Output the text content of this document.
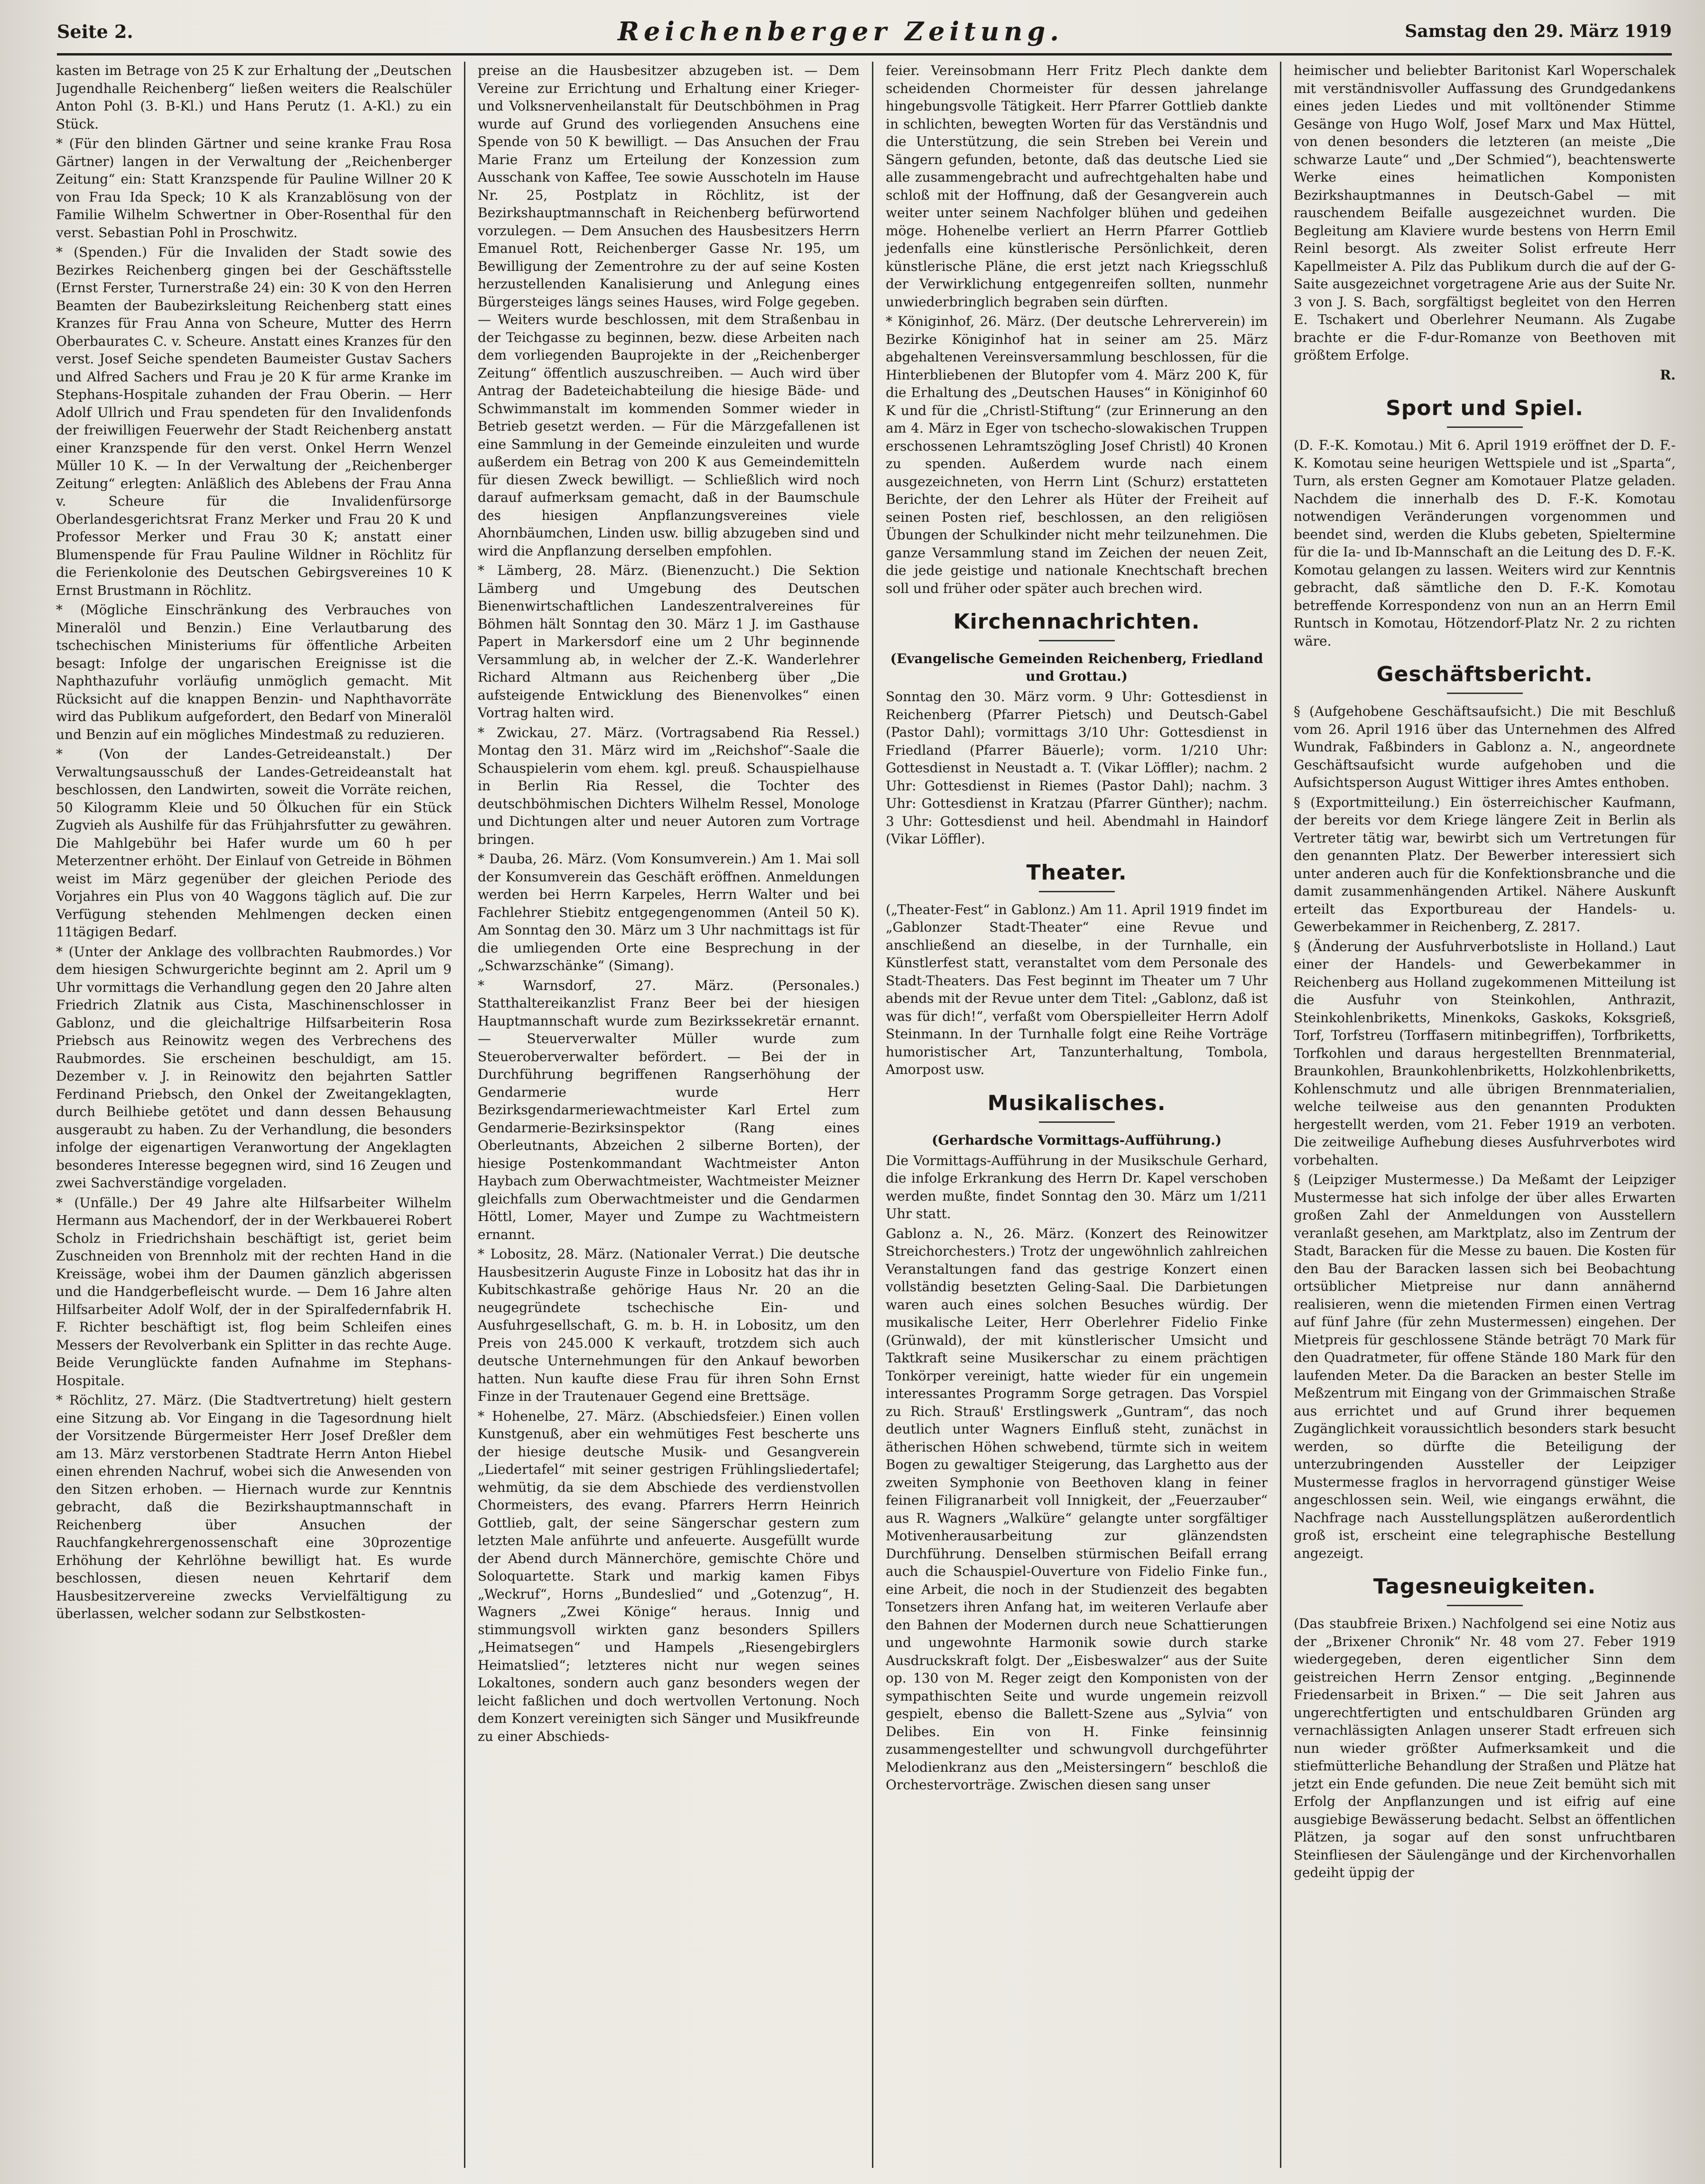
Seite 2.	Reichenberger Zeitung.	Samstag den 29. März 1919

kasten im Betrage von 25 K zur Erhaltung der „Deutschen Jugendhalle Reichenberg“ ließen weiters die Realschüler Anton Pohl (3. B-Kl.) und Hans Perutz (1. A-Kl.) zu ein Stück.

* (Für den blinden Gärtner und seine kranke Frau Rosa Gärtner) langen in der Verwaltung der „Reichenberger Zeitung“ ein: Statt Kranzspende für Pauline Willner 20 K von Frau Ida Speck; 10 K als Kranzablösung von der Familie Wilhelm Schwertner in Ober-Rosenthal für den verst. Sebastian Pohl in Proschwitz.

* (Spenden.) Für die Invaliden der Stadt sowie des Bezirkes Reichenberg gingen bei der Geschäftsstelle (Ernst Ferster, Turnerstraße 24) ein: 30 K von den Herren Beamten der Baubezirksleitung Reichenberg statt eines Kranzes für Frau Anna von Scheure, Mutter des Herrn Oberbaurates C. v. Scheure. Anstatt eines Kranzes für den verst. Josef Seiche spendeten Baumeister Gustav Sachers und Alfred Sachers und Frau je 20 K für arme Kranke im Stephans-Hospitale zuhanden der Frau Oberin. — Herr Adolf Ullrich und Frau spendeten für den Invalidenfonds der freiwilligen Feuerwehr der Stadt Reichenberg anstatt einer Kranzspende für den verst. Onkel Herrn Wenzel Müller 10 K. — In der Verwaltung der „Reichenberger Zeitung“ erlegten: Anläßlich des Ablebens der Frau Anna v. Scheure für die Invalidenfürsorge Oberlandesgerichtsrat Franz Merker und Frau 20 K und Professor Merker und Frau 30 K; anstatt einer Blumenspende für Frau Pauline Wildner in Röchlitz für die Ferienkolonie des Deutschen Gebirgsvereines 10 K Ernst Brustmann in Röchlitz.

* (Mögliche Einschränkung des Verbrauches von Mineralöl und Benzin.) Eine Verlautbarung des tschechischen Ministeriums für öffentliche Arbeiten besagt: Infolge der ungarischen Ereignisse ist die Naphthazufuhr vorläufig unmöglich gemacht. Mit Rücksicht auf die knappen Benzin- und Naphthavorräte wird das Publikum aufgefordert, den Bedarf von Mineralöl und Benzin auf ein mögliches Mindestmaß zu reduzieren.

* (Von der Landes-Getreideanstalt.) Der Verwaltungsausschuß der Landes-Getreideanstalt hat beschlossen, den Landwirten, soweit die Vorräte reichen, 50 Kilogramm Kleie und 50 Ölkuchen für ein Stück Zugvieh als Aushilfe für das Frühjahrsfutter zu gewähren. Die Mahlgebühr bei Hafer wurde um 60 h per Meterzentner erhöht. Der Einlauf von Getreide in Böhmen weist im März gegenüber der gleichen Periode des Vorjahres ein Plus von 40 Waggons täglich auf. Die zur Verfügung stehenden Mehlmengen decken einen 11tägigen Bedarf.

* (Unter der Anklage des vollbrachten Raubmordes.) Vor dem hiesigen Schwurgerichte beginnt am 2. April um 9 Uhr vormittags die Verhandlung gegen den 20 Jahre alten Friedrich Zlatnik aus Cista, Maschinenschlosser in Gablonz, und die gleichaltrige Hilfsarbeiterin Rosa Priebsch aus Reinowitz wegen des Verbrechens des Raubmordes. Sie erscheinen beschuldigt, am 15. Dezember v. J. in Reinowitz den bejahrten Sattler Ferdinand Priebsch, den Onkel der Zweitangeklagten, durch Beilhiebe getötet und dann dessen Behausung ausgeraubt zu haben. Zu der Verhandlung, die besonders infolge der eigenartigen Veranwortung der Angeklagten besonderes Interesse begegnen wird, sind 16 Zeugen und zwei Sachverständige vorgeladen.

* (Unfälle.) Der 49 Jahre alte Hilfsarbeiter Wilhelm Hermann aus Machendorf, der in der Werkbauerei Robert Scholz in Friedrichshain beschäftigt ist, geriet beim Zuschneiden von Brennholz mit der rechten Hand in die Kreissäge, wobei ihm der Daumen gänzlich abgerissen und die Handgerbefleischt wurde. — Dem 16 Jahre alten Hilfsarbeiter Adolf Wolf, der in der Spiralfedernfabrik H. F. Richter beschäftigt ist, flog beim Schleifen eines Messers der Revolverbank ein Splitter in das rechte Auge. Beide Verunglückte fanden Aufnahme im Stephans-Hospitale.

* Röchlitz, 27. März. (Die Stadtvertretung) hielt gestern eine Sitzung ab. Vor Eingang in die Tagesordnung hielt der Vorsitzende Bürgermeister Herr Josef Dreßler dem am 13. März verstorbenen Stadtrate Herrn Anton Hiebel einen ehrenden Nachruf, wobei sich die Anwesenden von den Sitzen erhoben. — Hiernach wurde zur Kenntnis gebracht, daß die Bezirkshauptmannschaft in Reichenberg über Ansuchen der Rauchfangkehrergenossenschaft eine 30prozentige Erhöhung der Kehrlöhne bewilligt hat. Es wurde beschlossen, diesen neuen Kehrtarif dem Hausbesitzervereine zwecks Vervielfältigung zu überlassen, welcher sodann zur Selbstkosten-

preise an die Hausbesitzer abzugeben ist. — Dem Vereine zur Errichtung und Erhaltung einer Krieger- und Volksnervenheilanstalt für Deutschböhmen in Prag wurde auf Grund des vorliegenden Ansuchens eine Spende von 50 K bewilligt. — Das Ansuchen der Frau Marie Franz um Erteilung der Konzession zum Ausschank von Kaffee, Tee sowie Ausschoteln im Hause Nr. 25, Postplatz in Röchlitz, ist der Bezirkshauptmannschaft in Reichenberg befürwortend vorzulegen. — Dem Ansuchen des Hausbesitzers Herrn Emanuel Rott, Reichenberger Gasse Nr. 195, um Bewilligung der Zementrohre zu der auf seine Kosten herzustellenden Kanalisierung und Anlegung eines Bürgersteiges längs seines Hauses, wird Folge gegeben. — Weiters wurde beschlossen, mit dem Straßenbau in der Teichgasse zu beginnen, bezw. diese Arbeiten nach dem vorliegenden Bauprojekte in der „Reichenberger Zeitung“ öffentlich auszuschreiben. — Auch wird über Antrag der Badeteichabteilung die hiesige Bäde- und Schwimmanstalt im kommenden Sommer wieder in Betrieb gesetzt werden. — Für die Märzgefallenen ist eine Sammlung in der Gemeinde einzuleiten und wurde außerdem ein Betrag von 200 K aus Gemeindemitteln für diesen Zweck bewilligt. — Schließlich wird noch darauf aufmerksam gemacht, daß in der Baumschule des hiesigen Anpflanzungsvereines viele Ahornbäumchen, Linden usw. billig abzugeben sind und wird die Anpflanzung derselben empfohlen.

* Lämberg, 28. März. (Bienenzucht.) Die Sektion Lämberg und Umgebung des Deutschen Bienenwirtschaftlichen Landeszentralvereines für Böhmen hält Sonntag den 30. März 1 J. im Gasthause Papert in Markersdorf eine um 2 Uhr beginnende Versammlung ab, in welcher der Z.-K. Wanderlehrer Richard Altmann aus Reichenberg über „Die aufsteigende Entwicklung des Bienenvolkes“ einen Vortrag halten wird.

* Zwickau, 27. März. (Vortragsabend Ria Ressel.) Montag den 31. März wird im „Reichshof“-Saale die Schauspielerin vom ehem. kgl. preuß. Schauspielhause in Berlin Ria Ressel, die Tochter des deutschböhmischen Dichters Wilhelm Ressel, Monologe und Dichtungen alter und neuer Autoren zum Vortrage bringen.

* Dauba, 26. März. (Vom Konsumverein.) Am 1. Mai soll der Konsumverein das Geschäft eröffnen. Anmeldungen werden bei Herrn Karpeles, Herrn Walter und bei Fachlehrer Stiebitz entgegengenommen (Anteil 50 K). Am Sonntag den 30. März um 3 Uhr nachmittags ist für die umliegenden Orte eine Besprechung in der „Schwarzschänke“ (Simang).

* Warnsdorf, 27. März. (Personales.) Statthaltereikanzlist Franz Beer bei der hiesigen Hauptmannschaft wurde zum Bezirkssekretär ernannt. — Steuerverwalter Müller wurde zum Steueroberverwalter befördert. — Bei der in Durchführung begriffenen Rangserhöhung der Gendarmerie wurde Herr Bezirksgendarmeriewachtmeister Karl Ertel zum Gendarmerie-Bezirksinspektor (Rang eines Oberleutnants, Abzeichen 2 silberne Borten), der hiesige Postenkommandant Wachtmeister Anton Haybach zum Oberwachtmeister, Wachtmeister Meizner gleichfalls zum Oberwachtmeister und die Gendarmen Höttl, Lomer, Mayer und Zumpe zu Wachtmeistern ernannt.

* Lobositz, 28. März. (Nationaler Verrat.) Die deutsche Hausbesitzerin Auguste Finze in Lobositz hat das ihr in Kubitschkastraße gehörige Haus Nr. 20 an die neugegründete tschechische Ein- und Ausfuhrgesellschaft, G. m. b. H. in Lobositz, um den Preis von 245.000 K verkauft, trotzdem sich auch deutsche Unternehmungen für den Ankauf beworben hatten. Nun kaufte diese Frau für ihren Sohn Ernst Finze in der Trautenauer Gegend eine Brettsäge.

* Hohenelbe, 27. März. (Abschiedsfeier.) Einen vollen Kunstgenuß, aber ein wehmütiges Fest bescherte uns der hiesige deutsche Musik- und Gesangverein „Liedertafel“ mit seiner gestrigen Frühlingsliedertafel; wehmütig, da sie dem Abschiede des verdienstvollen Chormeisters, des evang. Pfarrers Herrn Heinrich Gottlieb, galt, der seine Sängerschar gestern zum letzten Male anführte und anfeuerte. Ausgefüllt wurde der Abend durch Männerchöre, gemischte Chöre und Soloquartette. Stark und markig kamen Fibys „Weckruf“, Horns „Bundeslied“ und „Gotenzug“, H. Wagners „Zwei Könige“ heraus. Innig und stimmungsvoll wirkten ganz besonders Spillers „Heimatsegen“ und Hampels „Riesengebirglers Heimatslied“; letzteres nicht nur wegen seines Lokaltones, sondern auch ganz besonders wegen der leicht faßlichen und doch wertvollen Vertonung. Noch dem Konzert vereinigten sich Sänger und Musikfreunde zu einer Abschieds-

feier. Vereinsobmann Herr Fritz Plech dankte dem scheidenden Chormeister für dessen jahrelange hingebungsvolle Tätigkeit. Herr Pfarrer Gottlieb dankte in schlichten, bewegten Worten für das Verständnis und die Unterstützung, die sein Streben bei Verein und Sängern gefunden, betonte, daß das deutsche Lied sie alle zusammengebracht und aufrechtgehalten habe und schloß mit der Hoffnung, daß der Gesangverein auch weiter unter seinem Nachfolger blühen und gedeihen möge. Hohenelbe verliert an Herrn Pfarrer Gottlieb jedenfalls eine künstlerische Persönlichkeit, deren künstlerische Pläne, die erst jetzt nach Kriegsschluß der Verwirklichung entgegenreifen sollten, nunmehr unwiederbringlich begraben sein dürften.

* Königinhof, 26. März. (Der deutsche Lehrerverein) im Bezirke Königinhof hat in seiner am 25. März abgehaltenen Vereinsversammlung beschlossen, für die Hinterbliebenen der Blutopfer vom 4. März 200 K, für die Erhaltung des „Deutschen Hauses“ in Königinhof 60 K und für die „Christl-Stiftung“ (zur Erinnerung an den am 4. März in Eger von tschecho-slowakischen Truppen erschossenen Lehramtszögling Josef Christl) 40 Kronen zu spenden. Außerdem wurde nach einem ausgezeichneten, von Herrn Lint (Schurz) erstatteten Berichte, der den Lehrer als Hüter der Freiheit auf seinen Posten rief, beschlossen, an den religiösen Übungen der Schulkinder nicht mehr teilzunehmen. Die ganze Versammlung stand im Zeichen der neuen Zeit, die jede geistige und nationale Knechtschaft brechen soll und früher oder später auch brechen wird.

Kirchennachrichten.
(Evangelische Gemeinden Reichenberg, Friedland und Grottau.)

Sonntag den 30. März vorm. 9 Uhr: Gottesdienst in Reichenberg (Pfarrer Pietsch) und Deutsch-Gabel (Pastor Dahl); vormittags 3/10 Uhr: Gottesdienst in Friedland (Pfarrer Bäuerle); vorm. 1/210 Uhr: Gottesdienst in Neustadt a. T. (Vikar Löffler); nachm. 2 Uhr: Gottesdienst in Riemes (Pastor Dahl); nachm. 3 Uhr: Gottesdienst in Kratzau (Pfarrer Günther); nachm. 3 Uhr: Gottesdienst und heil. Abendmahl in Haindorf (Vikar Löffler).

Theater.

(„Theater-Fest“ in Gablonz.) Am 11. April 1919 findet im „Gablonzer Stadt-Theater“ eine Revue und anschließend an dieselbe, in der Turnhalle, ein Künstlerfest statt, veranstaltet vom dem Personale des Stadt-Theaters. Das Fest beginnt im Theater um 7 Uhr abends mit der Revue unter dem Titel: „Gablonz, daß ist was für dich!“, verfaßt vom Oberspielleiter Herrn Adolf Steinmann. In der Turnhalle folgt eine Reihe Vorträge humoristischer Art, Tanzunterhaltung, Tombola, Amorpost usw.

Musikalisches.
(Gerhardsche Vormittags-Aufführung.)

Die Vormittags-Aufführung in der Musikschule Gerhard, die infolge Erkrankung des Herrn Dr. Kapel verschoben werden mußte, findet Sonntag den 30. März um 1/211 Uhr statt.

Gablonz a. N., 26. März. (Konzert des Reinowitzer Streichorchesters.) Trotz der ungewöhnlich zahlreichen Veranstaltungen fand das gestrige Konzert einen vollständig besetzten Geling-Saal. Die Darbietungen waren auch eines solchen Besuches würdig. Der musikalische Leiter, Herr Oberlehrer Fidelio Finke (Grünwald), der mit künstlerischer Umsicht und Taktkraft seine Musikerschar zu einem prächtigen Tonkörper vereinigt, hatte wieder für ein ungemein interessantes Programm Sorge getragen. Das Vorspiel zu Rich. Strauß' Erstlingswerk „Guntram“, das noch deutlich unter Wagners Einfluß steht, zunächst in ätherischen Höhen schwebend, türmte sich in weitem Bogen zu gewaltiger Steigerung, das Larghetto aus der zweiten Symphonie von Beethoven klang in feiner feinen Filigranarbeit voll Innigkeit, der „Feuerzauber“ aus R. Wagners „Walküre“ gelangte unter sorgfältiger Motivenherausarbeitung zur glänzendsten Durchführung. Denselben stürmischen Beifall errang auch die Schauspiel-Ouverture von Fidelio Finke fun., eine Arbeit, die noch in der Studienzeit des begabten Tonsetzers ihren Anfang hat, im weiteren Verlaufe aber den Bahnen der Modernen durch neue Schattierungen und ungewohnte Harmonik sowie durch starke Ausdruckskraft folgt. Der „Eisbeswalzer“ aus der Suite op. 130 von M. Reger zeigt den Komponisten von der sympathischten Seite und wurde ungemein reizvoll gespielt, ebenso die Ballett-Szene aus „Sylvia“ von Delibes. Ein von H. Finke feinsinnig zusammengestellter und schwungvoll durchgeführter Melodienkranz aus den „Meistersingern“ beschloß die Orchestervorträge. Zwischen diesen sang unser

heimischer und beliebter Baritonist Karl Woperschalek mit verständnisvoller Auffassung des Grundgedankens eines jeden Liedes und mit volltönender Stimme Gesänge von Hugo Wolf, Josef Marx und Max Hüttel, von denen besonders die letzteren (an meiste „Die schwarze Laute“ und „Der Schmied“), beachtenswerte Werke eines heimatlichen Komponisten Bezirkshauptmannes in Deutsch-Gabel — mit rauschendem Beifalle ausgezeichnet wurden. Die Begleitung am Klaviere wurde bestens von Herrn Emil Reinl besorgt. Als zweiter Solist erfreute Herr Kapellmeister A. Pilz das Publikum durch die auf der G-Saite ausgezeichnet vorgetragene Arie aus der Suite Nr. 3 von J. S. Bach, sorgfältigst begleitet von den Herren E. Tschakert und Oberlehrer Neumann. Als Zugabe brachte er die F-dur-Romanze von Beethoven mit größtem Erfolge.

R.
Sport und Spiel.

(D. F.-K. Komotau.) Mit 6. April 1919 eröffnet der D. F.-K. Komotau seine heurigen Wettspiele und ist „Sparta“, Turn, als ersten Gegner am Komotauer Platze geladen. Nachdem die innerhalb des D. F.-K. Komotau notwendigen Veränderungen vorgenommen und beendet sind, werden die Klubs gebeten, Spieltermine für die Ia- und Ib-Mannschaft an die Leitung des D. F.-K. Komotau gelangen zu lassen. Weiters wird zur Kenntnis gebracht, daß sämtliche den D. F.-K. Komotau betreffende Korrespondenz von nun an an Herrn Emil Runtsch in Komotau, Hötzendorf-Platz Nr. 2 zu richten wäre.

Geschäftsbericht.

§ (Aufgehobene Geschäftsaufsicht.) Die mit Beschluß vom 26. April 1916 über das Unternehmen des Alfred Wundrak, Faßbinders in Gablonz a. N., angeordnete Geschäftsaufsicht wurde aufgehoben und die Aufsichtsperson August Wittiger ihres Amtes enthoben.

§ (Exportmitteilung.) Ein österreichischer Kaufmann, der bereits vor dem Kriege längere Zeit in Berlin als Vertreter tätig war, bewirbt sich um Vertretungen für den genannten Platz. Der Bewerber interessiert sich unter anderen auch für die Konfektionsbranche und die damit zusammenhängenden Artikel. Nähere Auskunft erteilt das Exportbureau der Handels- u. Gewerbekammer in Reichenberg, Z. 2817.

§ (Änderung der Ausfuhrverbotsliste in Holland.) Laut einer der Handels- und Gewerbekammer in Reichenberg aus Holland zugekommenen Mitteilung ist die Ausfuhr von Steinkohlen, Anthrazit, Steinkohlenbriketts, Minenkoks, Gaskoks, Koksgrieß, Torf, Torfstreu (Torffasern mitinbegriffen), Torfbriketts, Torfkohlen und daraus hergestellten Brennmaterial, Braunkohlen, Braunkohlenbriketts, Holzkohlenbriketts, Kohlenschmutz und alle übrigen Brennmaterialien, welche teilweise aus den genannten Produkten hergestellt werden, vom 21. Feber 1919 an verboten. Die zeitweilige Aufhebung dieses Ausfuhrverbotes wird vorbehalten.

§ (Leipziger Mustermesse.) Da Meßamt der Leipziger Mustermesse hat sich infolge der über alles Erwarten großen Zahl der Anmeldungen von Ausstellern veranlaßt gesehen, am Marktplatz, also im Zentrum der Stadt, Baracken für die Messe zu bauen. Die Kosten für den Bau der Baracken lassen sich bei Beobachtung ortsüblicher Mietpreise nur dann annähernd realisieren, wenn die mietenden Firmen einen Vertrag auf fünf Jahre (für zehn Mustermessen) eingehen. Der Mietpreis für geschlossene Stände beträgt 70 Mark für den Quadratmeter, für offene Stände 180 Mark für den laufenden Meter. Da die Baracken an bester Stelle im Meßzentrum mit Eingang von der Grimmaischen Straße aus errichtet und auf Grund ihrer bequemen Zugänglichkeit voraussichtlich besonders stark besucht werden, so dürfte die Beteiligung der unterzubringenden Aussteller der Leipziger Mustermesse fraglos in hervorragend günstiger Weise angeschlossen sein. Weil, wie eingangs erwähnt, die Nachfrage nach Ausstellungsplätzen außerordentlich groß ist, erscheint eine telegraphische Bestellung angezeigt.

Tagesneuigkeiten.

(Das staubfreie Brixen.) Nachfolgend sei eine Notiz aus der „Brixener Chronik“ Nr. 48 vom 27. Feber 1919 wiedergegeben, deren eigentlicher Sinn dem geistreichen Herrn Zensor entging. „Beginnende Friedensarbeit in Brixen.“ — Die seit Jahren aus ungerechtfertigten und entschuldbaren Gründen arg vernachlässigten Anlagen unserer Stadt erfreuen sich nun wieder größter Aufmerksamkeit und die stiefmütterliche Behandlung der Straßen und Plätze hat jetzt ein Ende gefunden. Die neue Zeit bemüht sich mit Erfolg der Anpflanzungen und ist eifrig auf eine ausgiebige Bewässerung bedacht. Selbst an öffentlichen Plätzen, ja sogar auf den sonst unfruchtbaren Steinfliesen der Säulengänge und der Kirchenvorhallen gedeiht üppig der
